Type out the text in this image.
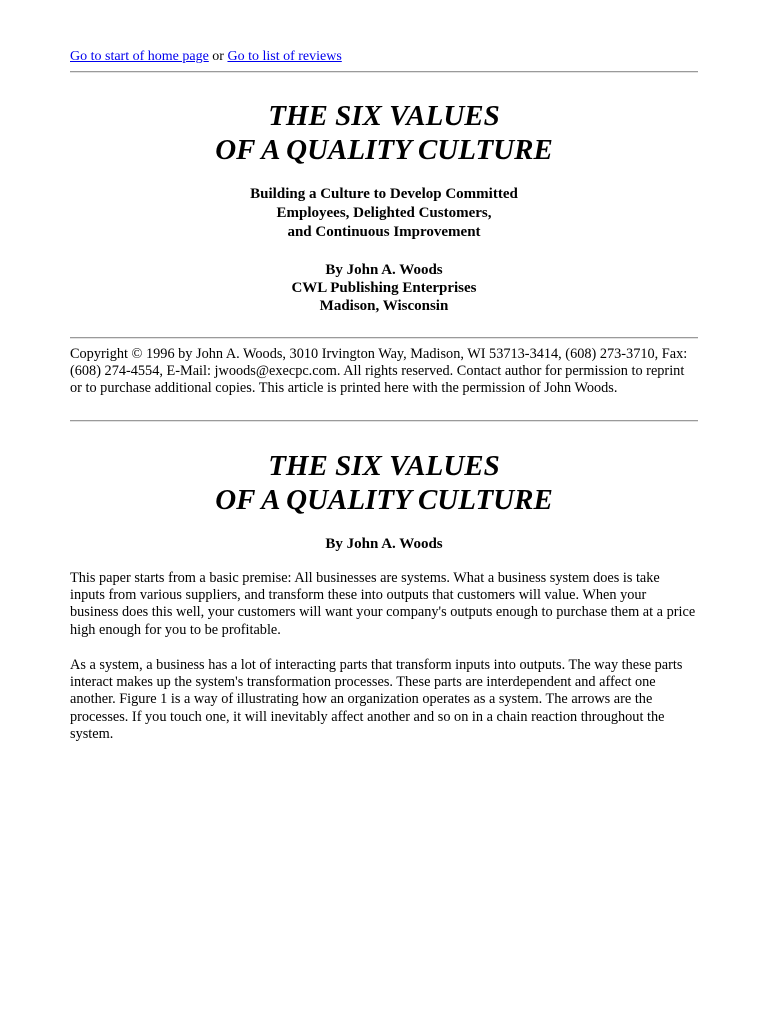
Go to start of home page or Go to list of reviews
THE SIX VALUES
OF A QUALITY CULTURE
Building a Culture to Develop Committed
Employees, Delighted Customers,
and Continuous Improvement
By John A. Woods
CWL Publishing Enterprises
Madison, Wisconsin

Copyright © 1996 by John A. Woods, 3010 Irvington Way, Madison, WI 53713-3414, (608) 273-3710, Fax: (608) 274-4554, E-Mail: jwoods@execpc.com. All rights reserved. Contact author for permission to reprint or to purchase additional copies. This article is printed here with the permission of John Woods.

THE SIX VALUES
OF A QUALITY CULTURE
By John A. Woods

This paper starts from a basic premise: All businesses are systems. What a business system does is take inputs from various suppliers, and transform these into outputs that customers will value. When your business does this well, your customers will want your company's outputs enough to purchase them at a price high enough for you to be profitable.

As a system, a business has a lot of interacting parts that transform inputs into outputs. The way these parts interact makes up the system's transformation processes. These parts are interdependent and affect one another. Figure 1 is a way of illustrating how an organization operates as a system. The arrows are the processes. If you touch one, it will inevitably affect another and so on in a chain reaction throughout the system.
